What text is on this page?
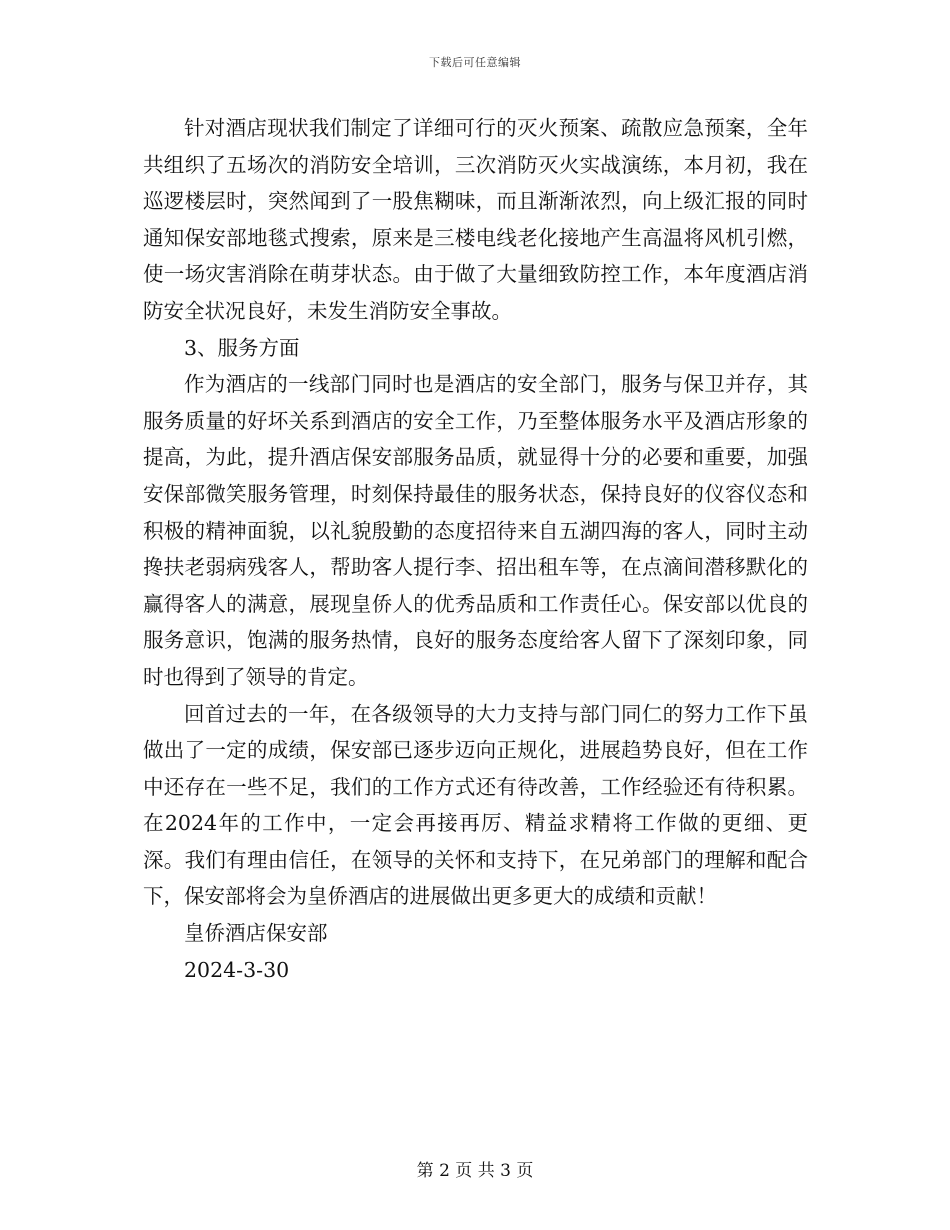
下载后可任意编辑

针对酒店现状我们制定了详细可行的灭火预案、疏散应急预案，全年共组织了五场次的消防安全培训，三次消防灭火实战演练，本月初，我在巡逻楼层时，突然闻到了一股焦糊味，而且渐渐浓烈，向上级汇报的同时通知保安部地毯式搜索，原来是三楼电线老化接地产生高温将风机引燃，使一场灾害消除在萌芽状态。由于做了大量细致防控工作，本年度酒店消防安全状况良好，未发生消防安全事故。

3、服务方面

作为酒店的一线部门同时也是酒店的安全部门，服务与保卫并存，其服务质量的好坏关系到酒店的安全工作，乃至整体服务水平及酒店形象的提高，为此，提升酒店保安部服务品质，就显得十分的必要和重要，加强安保部微笑服务管理，时刻保持最佳的服务状态，保持良好的仪容仪态和积极的精神面貌，以礼貌殷勤的态度招待来自五湖四海的客人，同时主动搀扶老弱病残客人，帮助客人提行李、招出租车等，在点滴间潜移默化的赢得客人的满意，展现皇侨人的优秀品质和工作责任心。保安部以优良的服务意识，饱满的服务热情，良好的服务态度给客人留下了深刻印象，同时也得到了领导的肯定。

回首过去的一年，在各级领导的大力支持与部门同仁的努力工作下虽做出了一定的成绩，保安部已逐步迈向正规化，进展趋势良好，但在工作中还存在一些不足，我们的工作方式还有待改善，工作经验还有待积累。在2024年的工作中，一定会再接再厉、精益求精将工作做的更细、更深。我们有理由信任，在领导的关怀和支持下，在兄弟部门的理解和配合下，保安部将会为皇侨酒店的进展做出更多更大的成绩和贡献！

皇侨酒店保安部

2024-3-30

第 2 页 共 3 页
